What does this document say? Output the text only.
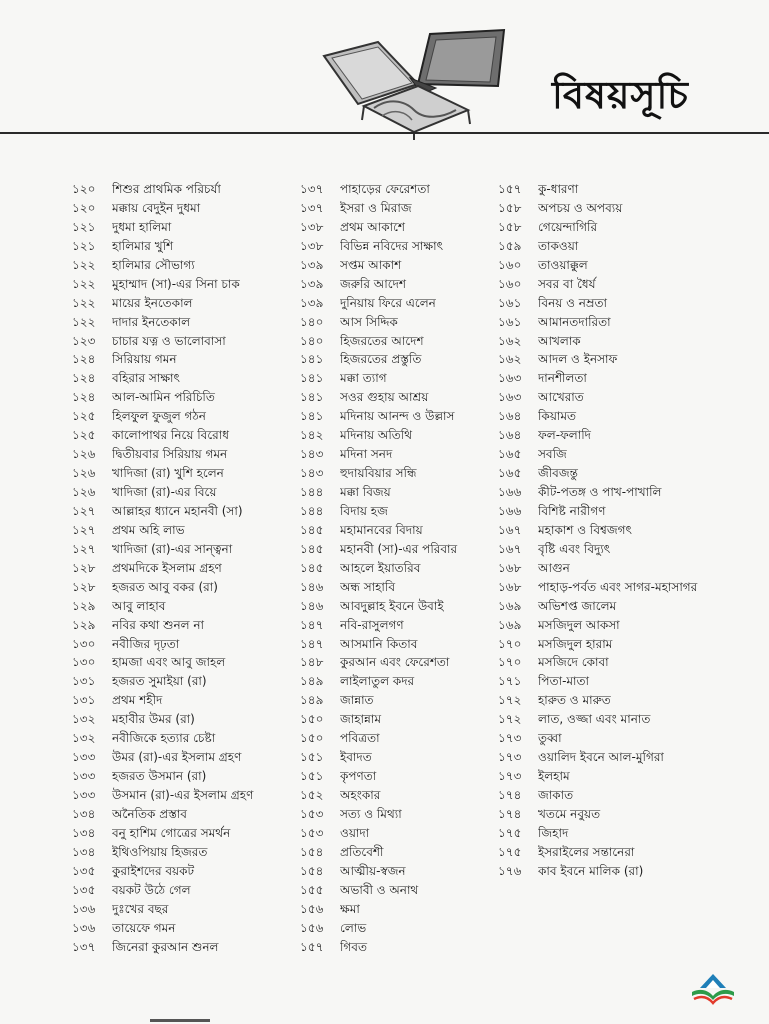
বিষয়সূচি
১২০	শিশুর প্রাথমিক পরিচর্যা
১২০	মক্কায় বেদুইন দুধমা
১২১	দুধমা হালিমা
১২১	হালিমার খুশি
১২২	হালিমার সৌভাগ্য
১২২	মুহাম্মাদ (সা)-এর সিনা চাক
১২২	মায়ের ইনতেকাল
১২২	দাদার ইনতেকাল
১২৩	চাচার যত্ন ও ভালোবাসা
১২৪	সিরিয়ায় গমন
১২৪	বহিরার সাক্ষাৎ
১২৪	আল-আমিন পরিচিতি
১২৫	হিলফুল ফুজুল গঠন
১২৫	কালোপাথর নিয়ে বিরোধ
১২৬	দ্বিতীয়বার সিরিয়ায় গমন
১২৬	খাদিজা (রা) খুশি হলেন
১২৬	খাদিজা (রা)-এর বিয়ে
১২৭	আল্লাহর ধ্যানে মহানবী (সা)
১২৭	প্রথম অহি লাভ
১২৭	খাদিজা (রা)-এর সান্ত্বনা
১২৮	প্রথমদিকে ইসলাম গ্রহণ
১২৮	হজরত আবু বকর (রা)
১২৯	আবু লাহাব
১২৯	নবির কথা শুনল না
১৩০	নবীজির দৃঢ়তা
১৩০	হামজা এবং আবু জাহল
১৩১	হজরত সুমাইয়া (রা)
১৩১	প্রথম শহীদ
১৩২	মহাবীর উমর (রা)
১৩২	নবীজিকে হত্যার চেষ্টা
১৩৩	উমর (রা)-এর ইসলাম গ্রহণ
১৩৩	হজরত উসমান (রা)
১৩৩	উসমান (রা)-এর ইসলাম গ্রহণ
১৩৪	অনৈতিক প্রস্তাব
১৩৪	বনু হাশিম গোত্রের সমর্থন
১৩৪	ইথিওপিয়ায় হিজরত
১৩৫	কুরাইশদের বয়কট
১৩৫	বয়কট উঠে গেল
১৩৬	দুঃখের বছর
১৩৬	তায়েফে গমন
১৩৭	জিনেরা কুরআন শুনল
১৩৭	পাহাড়ের ফেরেশতা
১৩৭	ইসরা ও মিরাজ
১৩৮	প্রথম আকাশে
১৩৮	বিভিন্ন নবিদের সাক্ষাৎ
১৩৯	সপ্তম আকাশ
১৩৯	জরুরি আদেশ
১৩৯	দুনিয়ায় ফিরে এলেন
১৪০	আস সিদ্দিক
১৪০	হিজরতের আদেশ
১৪১	হিজরতের প্রস্তুতি
১৪১	মক্কা ত্যাগ
১৪১	সওর গুহায় আশ্রয়
১৪১	মদিনায় আনন্দ ও উল্লাস
১৪২	মদিনায় অতিথি
১৪৩	মদিনা সনদ
১৪৩	হুদায়বিয়ার সন্ধি
১৪৪	মক্কা বিজয়
১৪৪	বিদায় হজ
১৪৫	মহামানবের বিদায়
১৪৫	মহানবী (সা)-এর পরিবার
১৪৫	আহলে ইয়াতরিব
১৪৬	অন্ধ সাহাবি
১৪৬	আবদুল্লাহ ইবনে উবাই
১৪৭	নবি-রাসুলগণ
১৪৭	আসমানি কিতাব
১৪৮	কুরআন এবং ফেরেশতা
১৪৯	লাইলাতুল কদর
১৪৯	জান্নাত
১৫০	জাহান্নাম
১৫০	পবিত্রতা
১৫১	ইবাদত
১৫১	কৃপণতা
১৫২	অহংকার
১৫৩	সত্য ও মিথ্যা
১৫৩	ওয়াদা
১৫৪	প্রতিবেশী
১৫৪	আত্মীয়-স্বজন
১৫৫	অভাবী ও অনাথ
১৫৬	ক্ষমা
১৫৬	লোভ
১৫৭	গিবত
১৫৭	কু-ধারণা
১৫৮	অপচয় ও অপব্যয়
১৫৮	গেয়েন্দাগিরি
১৫৯	তাকওয়া
১৬০	তাওয়াক্কুল
১৬০	সবর বা ধৈর্য
১৬১	বিনয় ও নম্রতা
১৬১	আমানতদারিতা
১৬২	আখলাক
১৬২	আদল ও ইনসাফ
১৬৩	দানশীলতা
১৬৩	আখেরাত
১৬৪	কিয়ামত
১৬৪	ফল-ফলাদি
১৬৫	সবজি
১৬৫	জীবজন্তু
১৬৬	কীট-পতঙ্গ ও পাখ-পাখালি
১৬৬	বিশিষ্ট নারীগণ
১৬৭	মহাকাশ ও বিশ্বজগৎ
১৬৭	বৃষ্টি এবং বিদ্যুৎ
১৬৮	আগুন
১৬৮	পাহাড়-পর্বত এবং সাগর-মহাসাগর
১৬৯	অভিশপ্ত জালেম
১৬৯	মসজিদুল আকসা
১৭০	মসজিদুল হারাম
১৭০	মসজিদে কোবা
১৭১	পিতা-মাতা
১৭২	হারুত ও মারুত
১৭২	লাত, ওজ্জা এবং মানাত
১৭৩	তুব্বা
১৭৩	ওয়ালিদ ইবনে আল-মুগিরা
১৭৩	ইলহাম
১৭৪	জাকাত
১৭৪	খতমে নবুয়ত
১৭৫	জিহাদ
১৭৫	ইসরাইলের সন্তানেরা
১৭৬	কাব ইবনে মালিক (রা)
